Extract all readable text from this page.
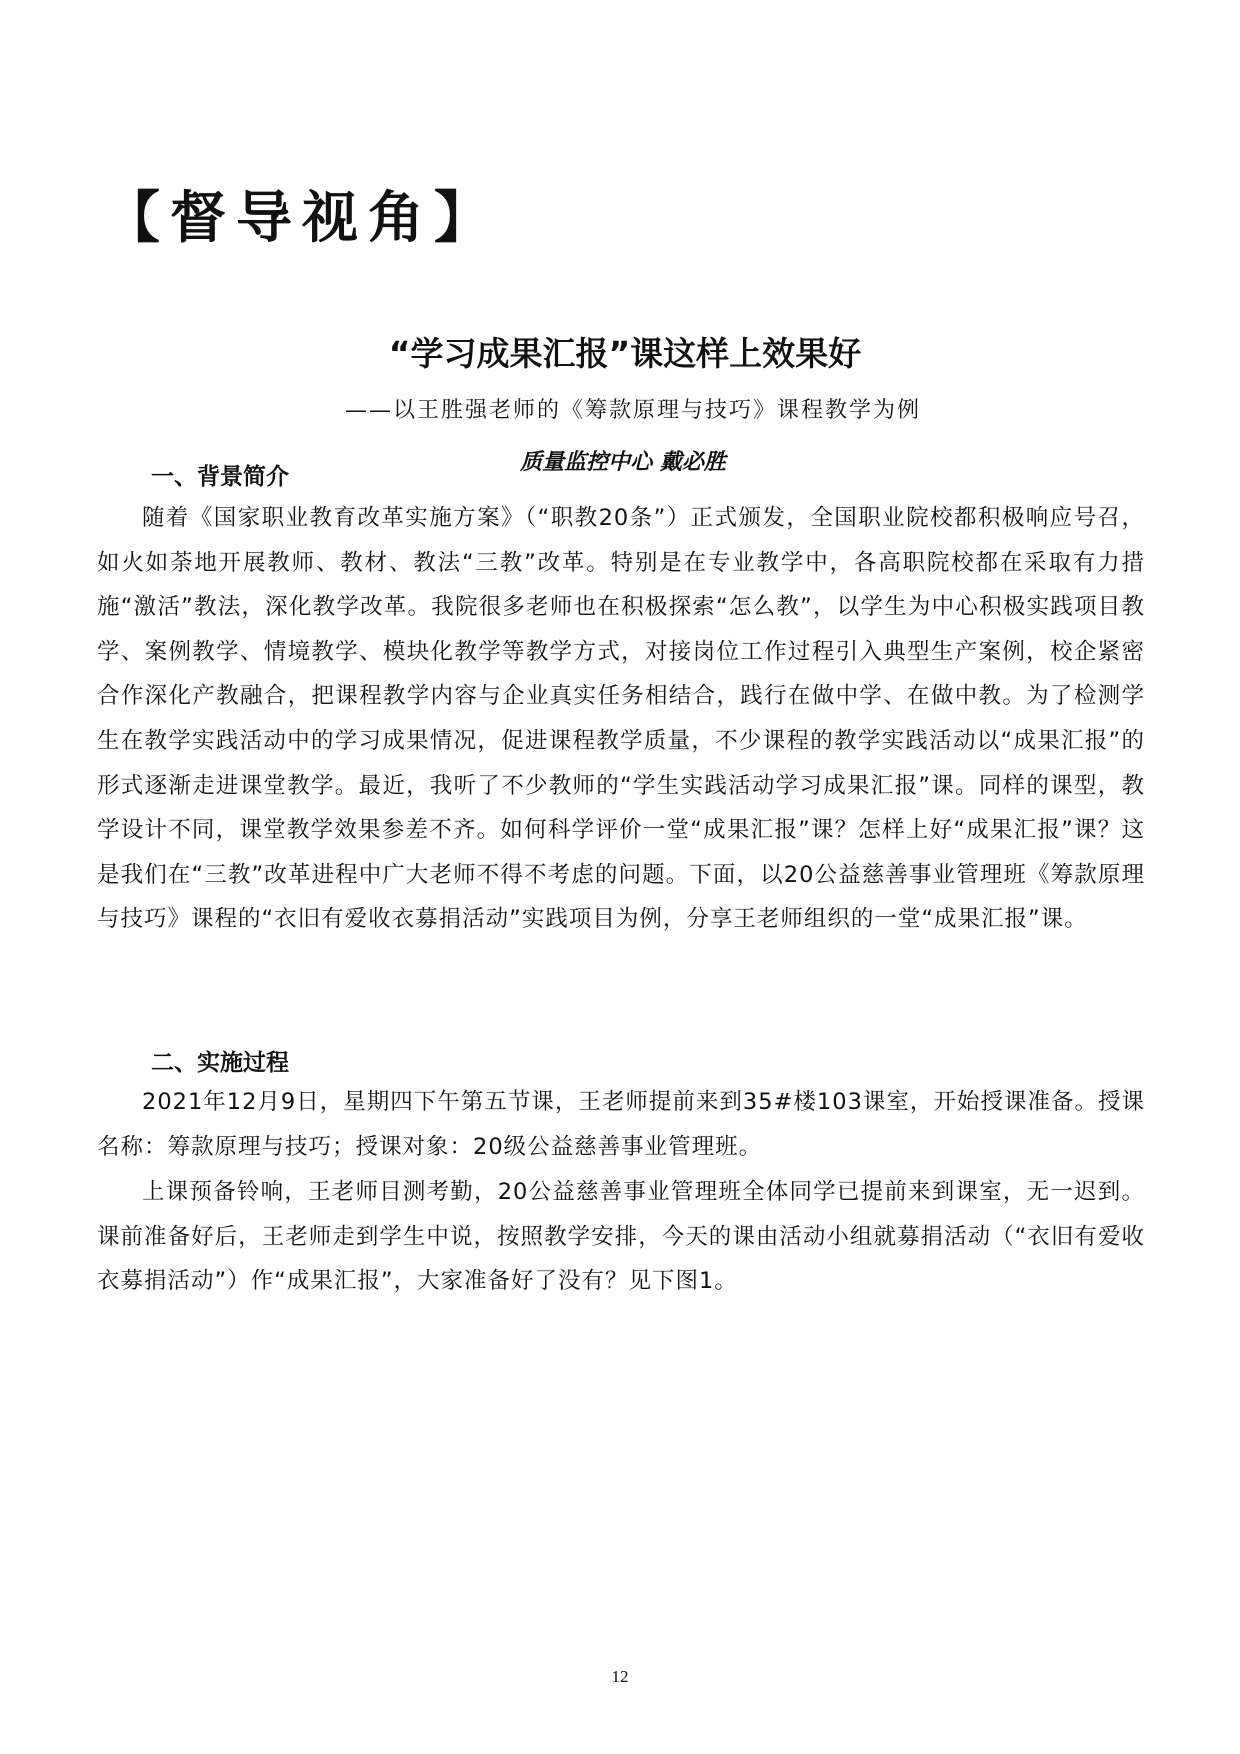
【督导视角】
“学习成果汇报”课这样上效果好
——以王胜强老师的《筹款原理与技巧》课程教学为例
质量监控中心 戴必胜
一、背景简介

随着《国家职业教育改革实施方案》（“职教20条”）正式颁发，全国职业院校都积极响应号召，如火如荼地开展教师、教材、教法“三教”改革。特别是在专业教学中，各高职院校都在采取有力措施“激活”教法，深化教学改革。我院很多老师也在积极探索“怎么教”，以学生为中心积极实践项目教学、案例教学、情境教学、模块化教学等教学方式，对接岗位工作过程引入典型生产案例，校企紧密合作深化产教融合，把课程教学内容与企业真实任务相结合，践行在做中学、在做中教。为了检测学生在教学实践活动中的学习成果情况，促进课程教学质量，不少课程的教学实践活动以“成果汇报”的形式逐渐走进课堂教学。最近，我听了不少教师的“学生实践活动学习成果汇报”课。同样的课型，教学设计不同，课堂教学效果参差不齐。如何科学评价一堂“成果汇报”课？怎样上好“成果汇报”课？这是我们在“三教”改革进程中广大老师不得不考虑的问题。下面，以20公益慈善事业管理班《筹款原理与技巧》课程的“衣旧有爱收衣募捐活动”实践项目为例，分享王老师组织的一堂“成果汇报”课。

二、实施过程

2021年12月9日，星期四下午第五节课，王老师提前来到35#楼103课室，开始授课准备。授课名称：筹款原理与技巧；授课对象：20级公益慈善事业管理班。

上课预备铃响，王老师目测考勤，20公益慈善事业管理班全体同学已提前来到课室，无一迟到。课前准备好后，王老师走到学生中说，按照教学安排，今天的课由活动小组就募捐活动（“衣旧有爱收衣募捐活动”）作“成果汇报”，大家准备好了没有？见下图1。

12
